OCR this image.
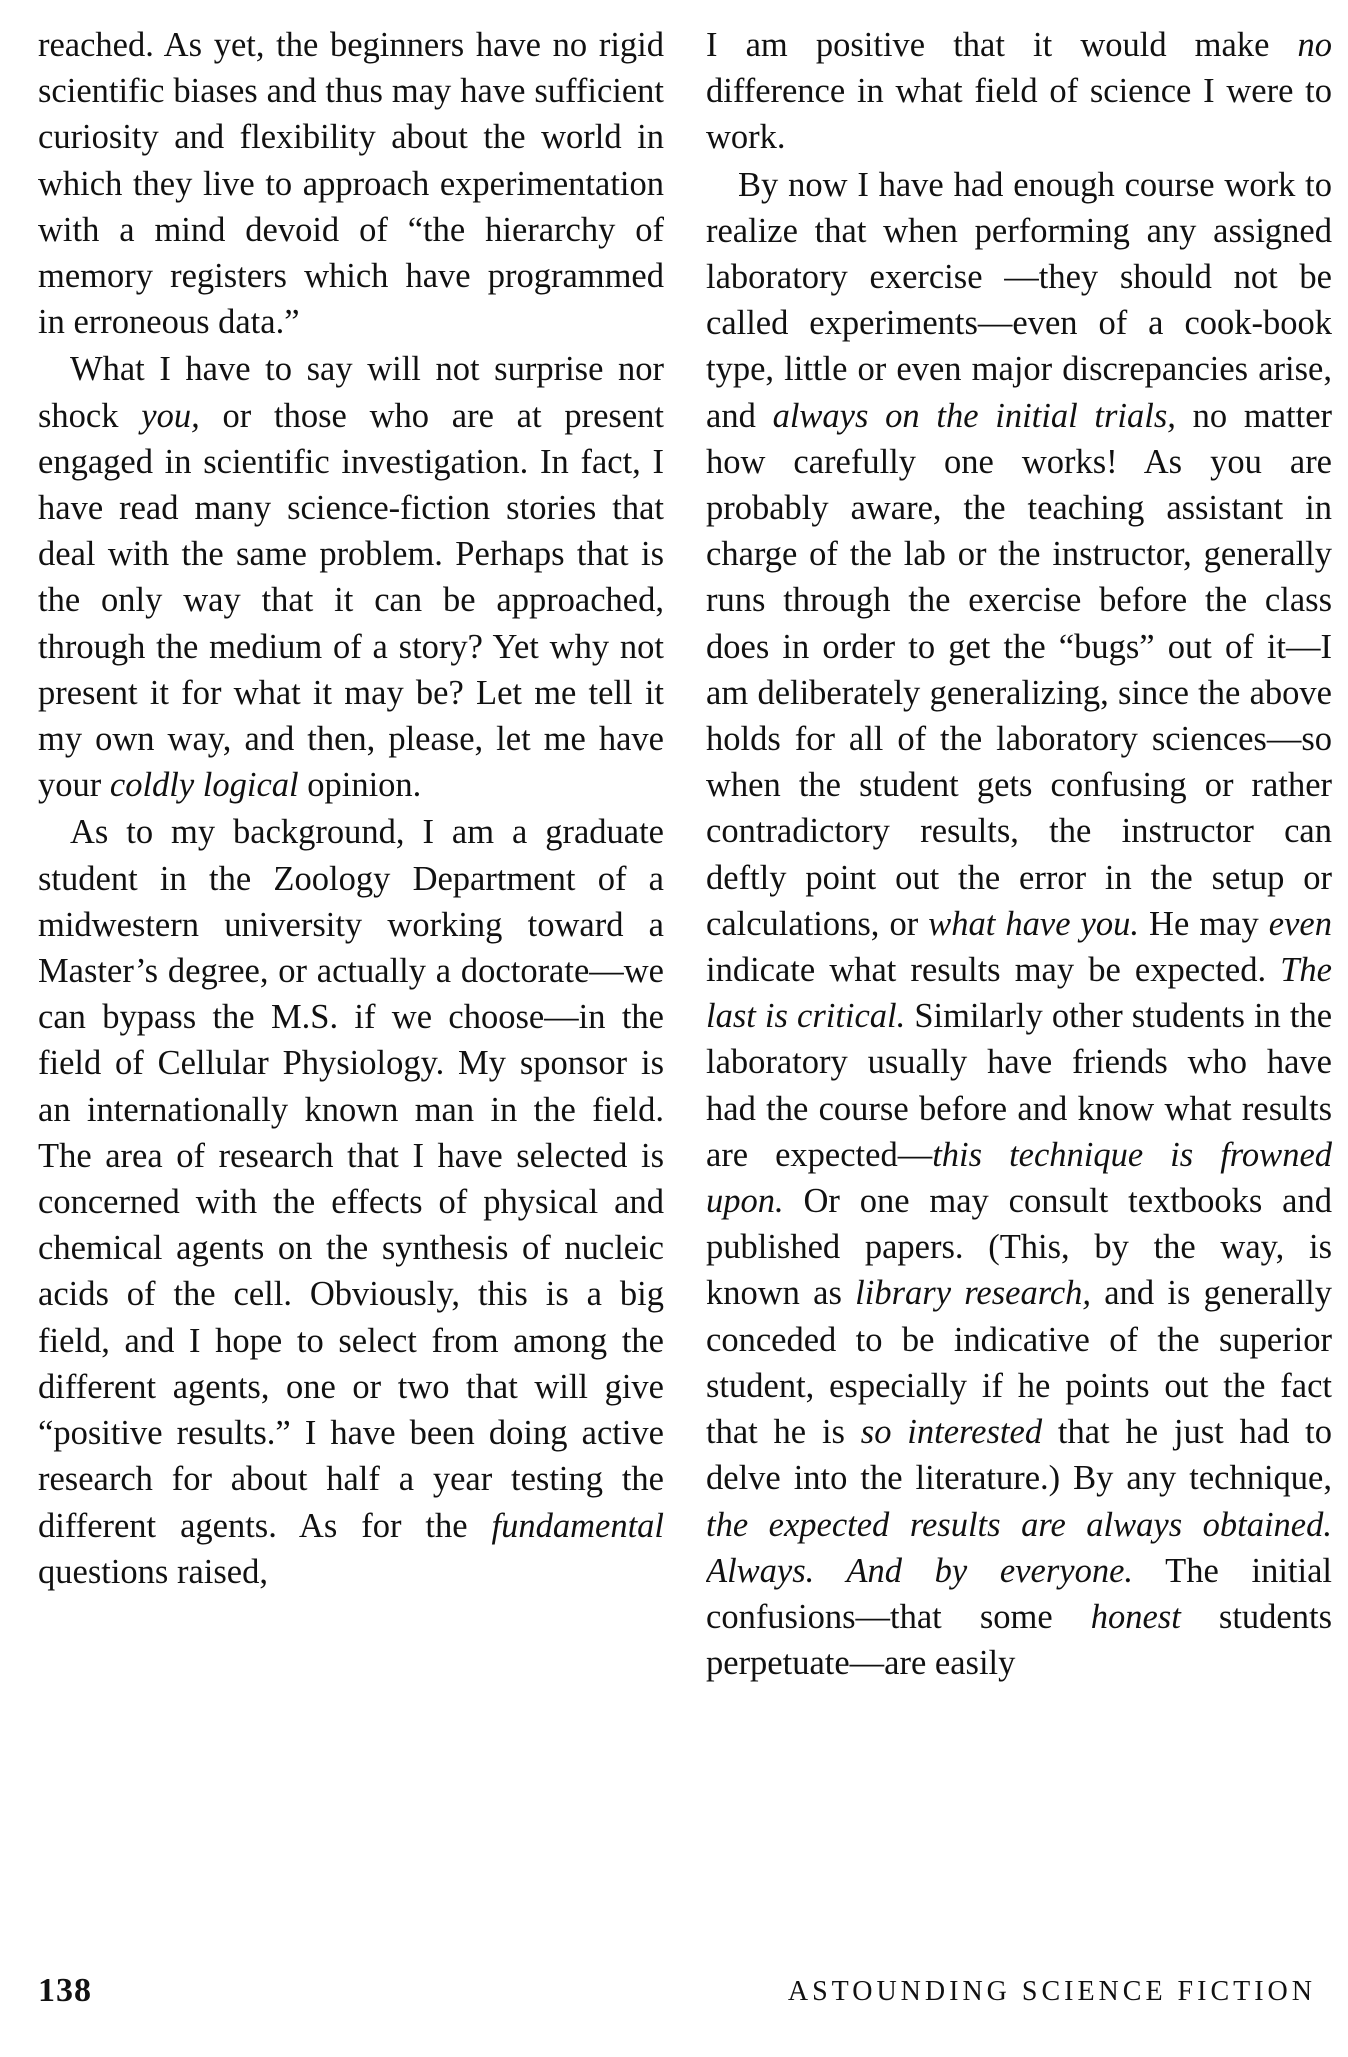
reached. As yet, the beginners have no rigid scientific biases and thus may have sufficient curiosity and flexibility about the world in which they live to approach experimentation with a mind devoid of “the hierarchy of memory registers which have programmed in erroneous data.”

What I have to say will not surprise nor shock you, or those who are at present engaged in scientific investigation. In fact, I have read many science-fiction stories that deal with the same problem. Perhaps that is the only way that it can be approached, through the medium of a story? Yet why not present it for what it may be? Let me tell it my own way, and then, please, let me have your coldly logical opinion.

As to my background, I am a graduate student in the Zoology Department of a midwestern university working toward a Master’s degree, or actually a doctorate—we can bypass the M.S. if we choose—in the field of Cellular Physiology. My sponsor is an internationally known man in the field. The area of research that I have selected is concerned with the effects of physical and chemical agents on the synthesis of nucleic acids of the cell. Obviously, this is a big field, and I hope to select from among the different agents, one or two that will give “positive results.” I have been doing active research for about half a year testing the different agents. As for the fundamental questions raised,

I am positive that it would make no difference in what field of science I were to work.

By now I have had enough course work to realize that when performing any assigned laboratory exercise —they should not be called experiments—even of a cook-book type, little or even major discrepancies arise, and always on the initial trials, no matter how carefully one works! As you are probably aware, the teaching assistant in charge of the lab or the instructor, generally runs through the exercise before the class does in order to get the “bugs” out of it—I am deliberately generalizing, since the above holds for all of the laboratory sciences—so when the student gets confusing or rather contradictory results, the instructor can deftly point out the error in the setup or calculations, or what have you. He may even indicate what results may be expected. The last is critical. Similarly other students in the laboratory usually have friends who have had the course before and know what results are expected—this technique is frowned upon. Or one may consult textbooks and published papers. (This, by the way, is known as library research, and is generally conceded to be indicative of the superior student, especially if he points out the fact that he is so interested that he just had to delve into the literature.) By any technique, the expected results are always obtained. Always. And by everyone. The initial confusions—that some honest students perpetuate—are easily

138	ASTOUNDING SCIENCE FICTION
